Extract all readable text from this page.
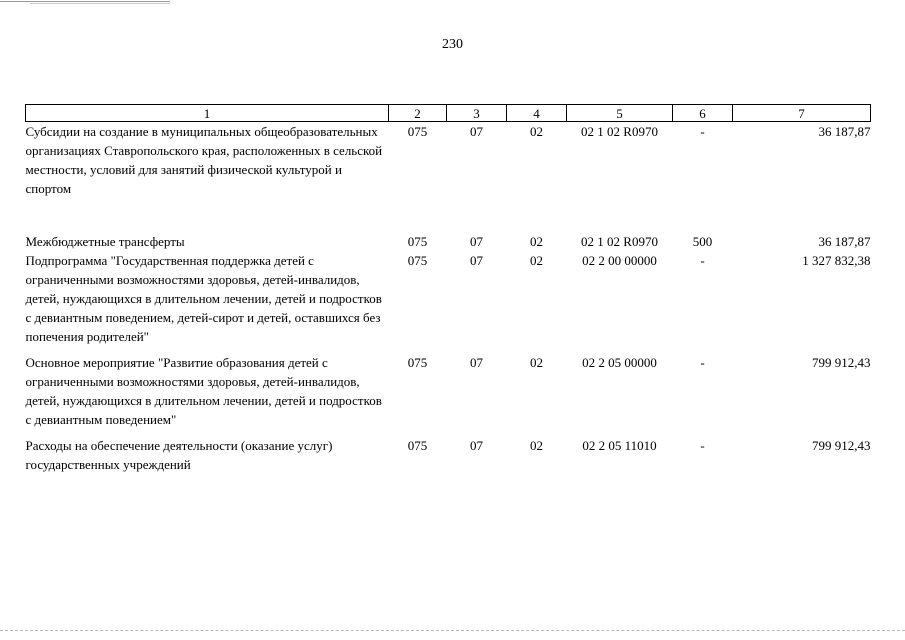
230
1	2	3	4	5	6	7
Субсидии на создание в муниципальных общеобразовательных организациях Ставропольского края, расположенных в сельской местности, условий для занятий физической культурой и спортом	075	07	02	02 1 02 R0970	-	36 187,87

Межбюджетные трансферты	075	07	02	02 1 02 R0970	500	36 187,87
Подпрограмма "Государственная поддержка детей с ограниченными возможностями здоровья, детей-инвалидов, детей, нуждающихся в длительном лечении, детей и подростков с девиантным поведением, детей-сирот и детей, оставшихся без попечения родителей"	075	07	02	02 2 00 00000	-	1 327 832,38

Основное мероприятие "Развитие образования детей с ограниченными возможностями здоровья, детей-инвалидов, детей, нуждающихся в длительном лечении, детей и подростков с девиантным поведением"	075	07	02	02 2 05 00000	-	799 912,43

Расходы на обеспечение деятельности (оказание услуг) государственных учреждений	075	07	02	02 2 05 11010	-	799 912,43
